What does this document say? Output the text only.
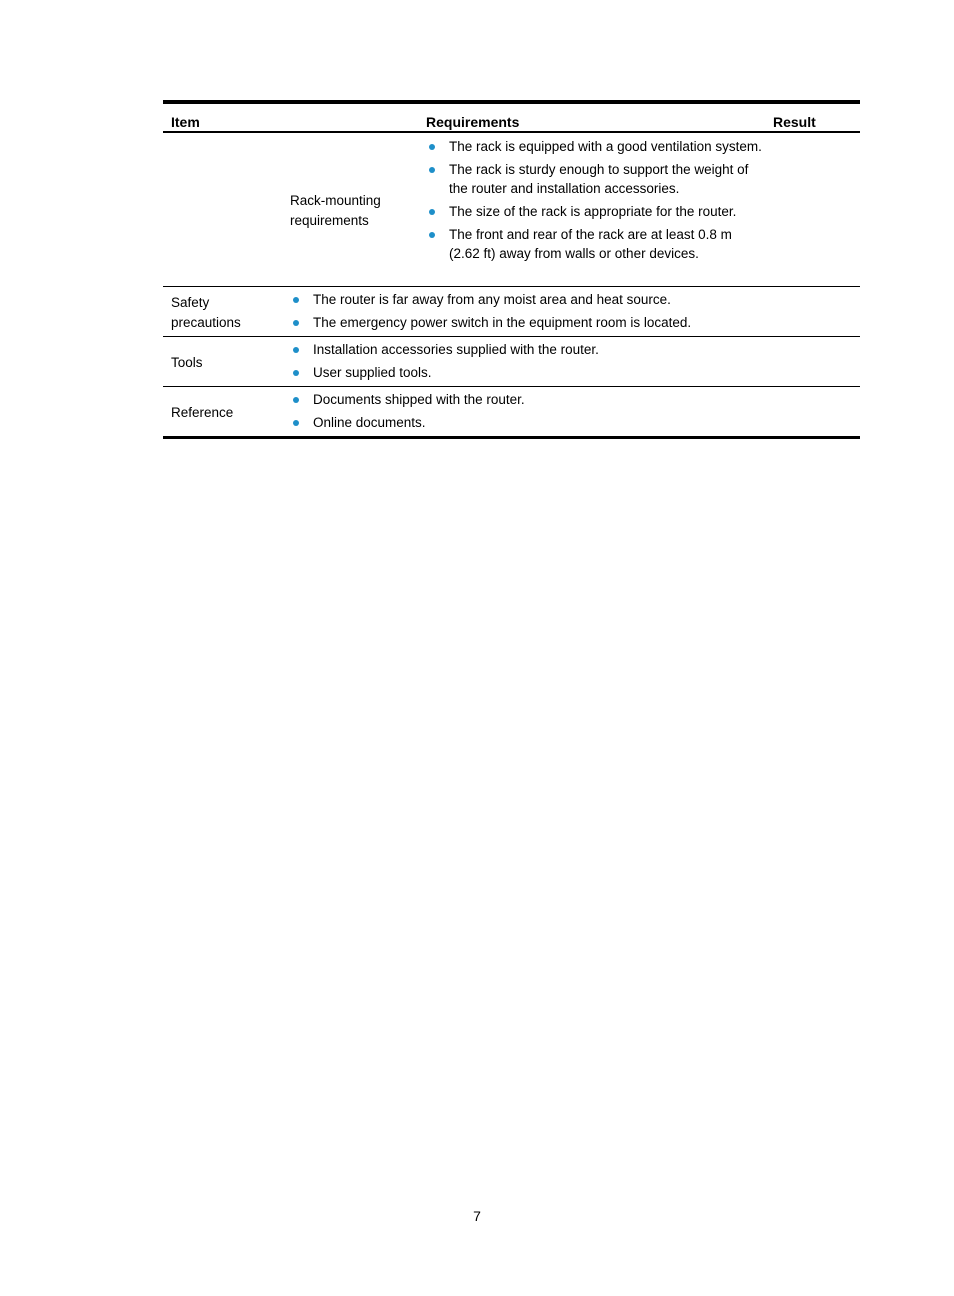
Item	Requirements	Result
Rack-mounting requirements
The rack is equipped with a good ventilation system.
The rack is sturdy enough to support the weight of the router and installation accessories.
The size of the rack is appropriate for the router.
The front and rear of the rack are at least 0.8 m (2.62 ft) away from walls or other devices.
Safety precautions
The router is far away from any moist area and heat source.
The emergency power switch in the equipment room is located.
Tools
Installation accessories supplied with the router.
User supplied tools.
Reference
Documents shipped with the router.
Online documents.
7
